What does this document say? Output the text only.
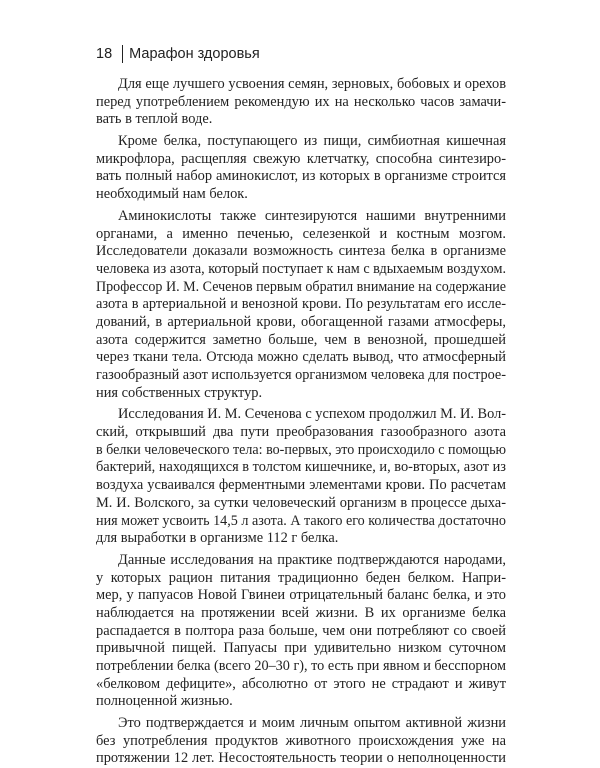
18 Марафон здоровья
Для еще лучшего усвоения семян, зерновых, бобовых и орехов
перед употреблением рекомендую их на несколько часов замачи-
вать в теплой воде.
Кроме белка, поступающего из пищи, симбиотная кишечная
микрофлора, расщепляя свежую клетчатку, способна синтезиро-
вать полный набор аминокислот, из которых в организме строится
необходимый нам белок.
Аминокислоты также синтезируются нашими внутренними
органами, а именно печенью, селезенкой и костным мозгом.
Исследователи доказали возможность синтеза белка в организме
человека из азота, который поступает к нам с вдыхаемым воздухом.
Профессор И. М. Сеченов первым обратил внимание на содержание
азота в артериальной и венозной крови. По результатам его иссле-
дований, в артериальной крови, обогащенной газами атмосферы,
азота содержится заметно больше, чем в венозной, прошедшей
через ткани тела. Отсюда можно сделать вывод, что атмосферный
газообразный азот используется организмом человека для построе-
ния собственных структур.
Исследования И. М. Сеченова с успехом продолжил М. И. Вол-
ский, открывший два пути преобразования газообразного азота
в белки человеческого тела: во-первых, это происходило с помощью
бактерий, находящихся в толстом кишечнике, и, во-вторых, азот из
воздуха усваивался ферментными элементами крови. По расчетам
М. И. Волского, за сутки человеческий организм в процессе дыха-
ния может усвоить 14,5 л азота. А такого его количества достаточно
для выработки в организме 112 г белка.
Данные исследования на практике подтверждаются народами,
у которых рацион питания традиционно беден белком. Напри-
мер, у папуасов Новой Гвинеи отрицательный баланс белка, и это
наблюдается на протяжении всей жизни. В их организме белка
распадается в полтора раза больше, чем они потребляют со своей
привычной пищей. Папуасы при удивительно низком суточном
потреблении белка (всего 20–30 г), то есть при явном и бесспорном
«белковом дефиците», абсолютно от этого не страдают и живут
полноценной жизнью.
Это подтверждается и моим личным опытом активной жизни
без употребления продуктов животного происхождения уже на
протяжении 12 лет. Несостоятельность теории о неполноценности
